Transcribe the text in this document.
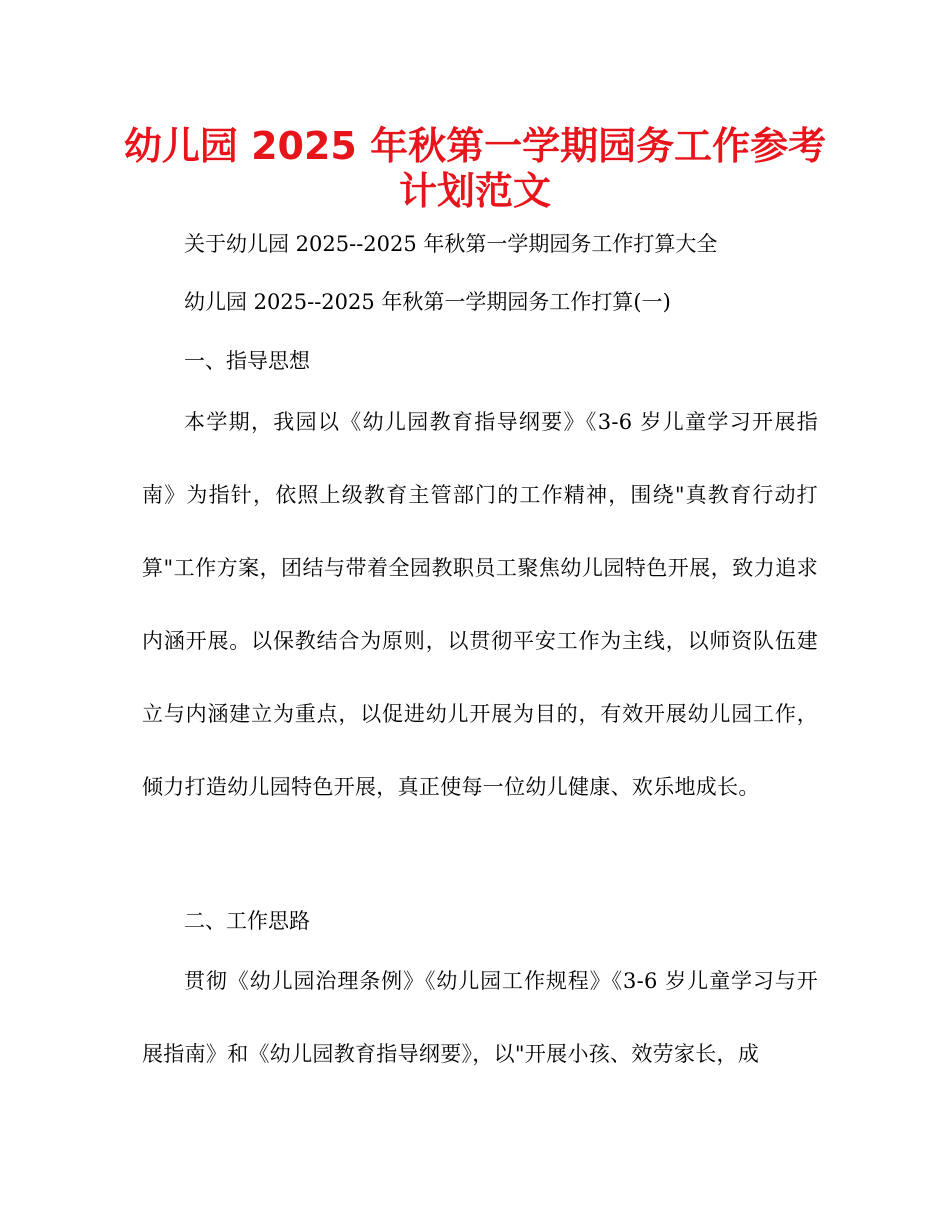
幼儿园 2025 年秋第一学期园务工作参考
计划范文

关于幼儿园 2025--2025 年秋第一学期园务工作打算大全

幼儿园 2025--2025 年秋第一学期园务工作打算(一)

一、指导思想

本学期，我园以《幼儿园教育指导纲要》《3-6 岁儿童学习开展指南》为指针，依照上级教育主管部门的工作精神，围绕"真教育行动打算"工作方案，团结与带着全园教职员工聚焦幼儿园特色开展，致力追求内涵开展。以保教结合为原则，以贯彻平安工作为主线，以师资队伍建立与内涵建立为重点，以促进幼儿开展为目的，有效开展幼儿园工作，倾力打造幼儿园特色开展，真正使每一位幼儿健康、欢乐地成长。

二、工作思路

贯彻《幼儿园治理条例》《幼儿园工作规程》《3-6 岁儿童学习与开展指南》和《幼儿园教育指导纲要》，以"开展小孩、效劳家长，成
